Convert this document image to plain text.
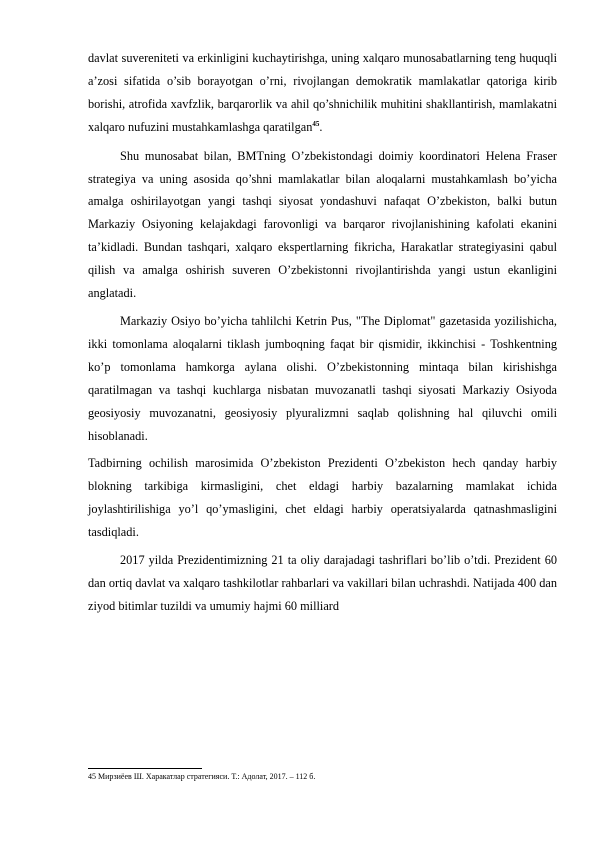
davlat suvereniteti va erkinligini kuchaytirishga, uning xalqaro munosabatlarning teng huquqli a’zosi sifatida o’sib borayotgan o’rni, rivojlangan demokratik mamlakatlar qatoriga kirib borishi, atrofida xavfzlik, barqarorlik va ahil qo’shnichilik muhitini shakllantirish, mamlakatni xalqaro nufuzini mustahkamlashga qaratilgan$^{45}$.

Shu munosabat bilan, BMTning O’zbekistondagi doimiy koordinatori Helena Fraser strategiya va uning asosida qo’shni mamlakatlar bilan aloqalarni mustahkamlash bo’yicha amalga oshirilayotgan yangi tashqi siyosat yondashuvi nafaqat O’zbekiston, balki butun Markaziy Osiyoning kelajakdagi farovonligi va barqaror rivojlanishining kafolati ekanini ta’kidladi. Bundan tashqari, xalqaro ekspertlarning fikricha, Harakatlar strategiyasini qabul qilish va amalga oshirish suveren O’zbekistonni rivojlantirishda yangi ustun ekanligini anglatadi.

Markaziy Osiyo bo’yicha tahlilchi Ketrin Pus, "The Diplomat" gazetasida yozilishicha, ikki tomonlama aloqalarni tiklash jumboqning faqat bir qismidir, ikkinchisi - Toshkentning ko’p tomonlama hamkorga aylana olishi. O’zbekistonning mintaqa bilan kirishishga qaratilmagan va tashqi kuchlarga nisbatan muvozanatli tashqi siyosati Markaziy Osiyoda geosiyosiy muvozanatni, geosiyosiy plyuralizmni saqlab qolishning hal qiluvchi omili hisoblanadi.

Tadbirning ochilish marosimida O’zbekiston Prezidenti O’zbekiston hech qanday harbiy blokning tarkibiga kirmasligini, chet eldagi harbiy bazalarning mamlakat ichida joylashtirilishiga yo’l qo’ymasligini, chet eldagi harbiy operatsiyalarda qatnashmasligini tasdiqladi.

2017 yilda Prezidentimizning 21 ta oliy darajadagi tashriflari bo’lib o’tdi. Prezident 60 dan ortiq davlat va xalqaro tashkilotlar rahbarlari va vakillari bilan uchrashdi. Natijada 400 dan ziyod bitimlar tuzildi va umumiy hajmi 60 milliard

45 Мирзиёев Ш. Харакатлар стратегияси. Т.: Адолат, 2017. – 112 б.
